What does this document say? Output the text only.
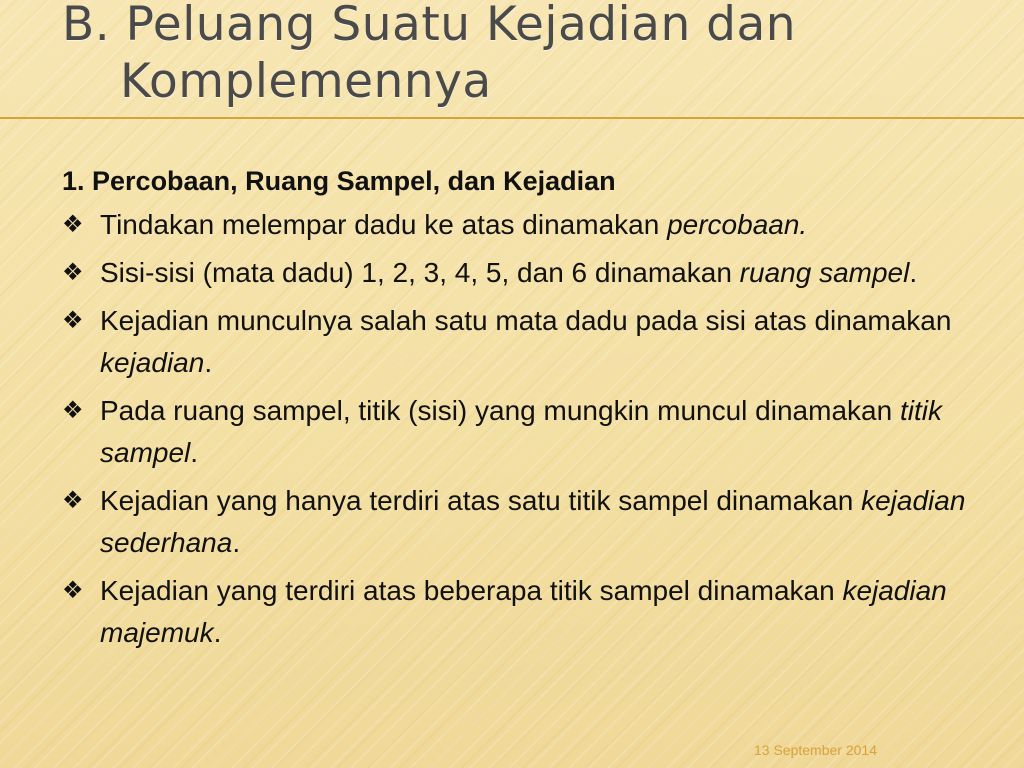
B. Peluang Suatu Kejadian dan
Komplemennya
1. Percobaan, Ruang Sampel, dan Kejadian
❖ Tindakan melempar dadu ke atas dinamakan percobaan.
❖ Sisi-sisi (mata dadu) 1, 2, 3, 4, 5, dan 6 dinamakan ruang sampel.
❖ Kejadian munculnya salah satu mata dadu pada sisi atas dinamakan kejadian.
❖ Pada ruang sampel, titik (sisi) yang mungkin muncul dinamakan titik sampel.
❖ Kejadian yang hanya terdiri atas satu titik sampel dinamakan kejadian sederhana.
❖ Kejadian yang terdiri atas beberapa titik sampel dinamakan kejadian majemuk.
13 September 2014
